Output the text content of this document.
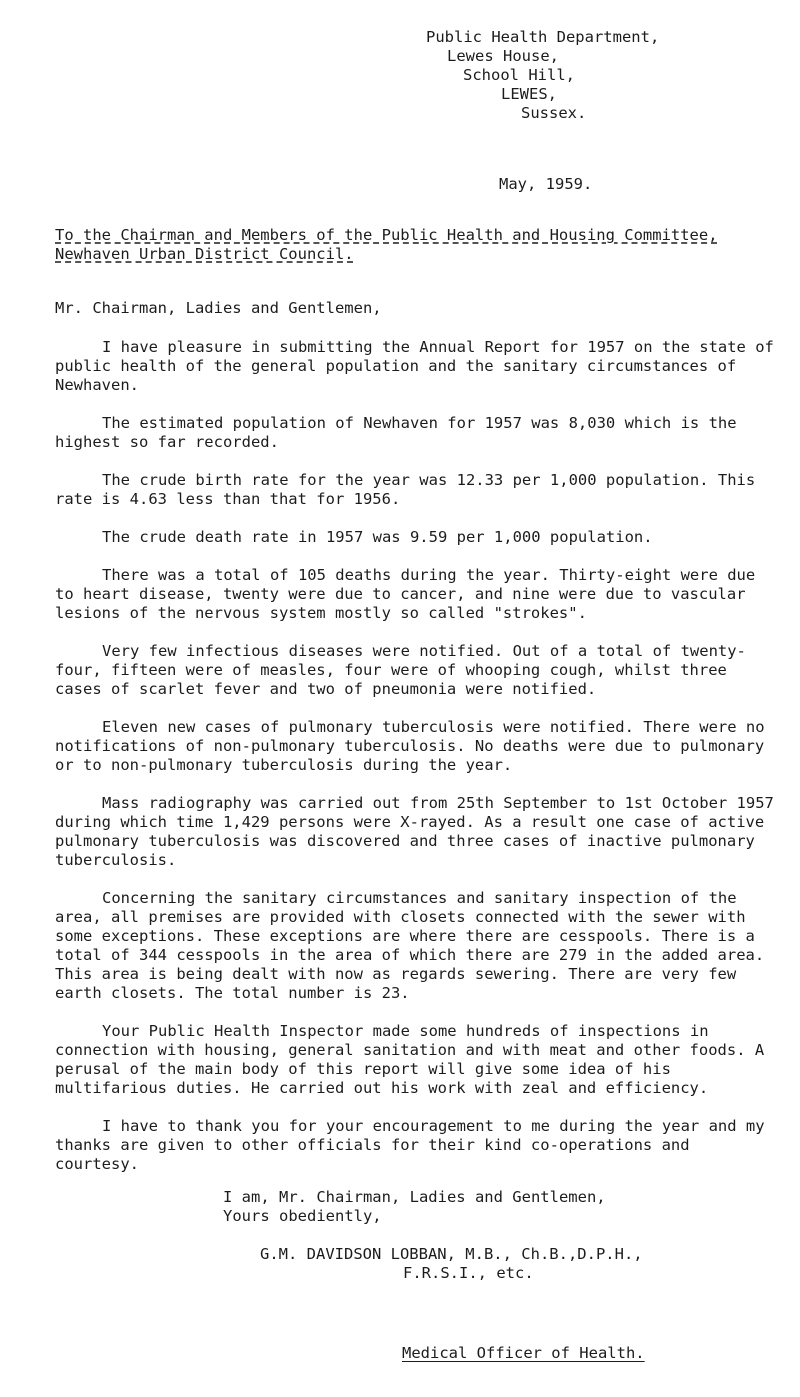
Public Health Department,
Lewes House,
School Hill,
LEWES,
Sussex.
May, 1959.
To the Chairman and Members of the Public Health and Housing Committee,
Newhaven Urban District Council.
Mr. Chairman, Ladies and Gentlemen,

I have pleasure in submitting the Annual Report for 1957 on the state of public health of the general population and the sanitary circumstances of Newhaven.

The estimated population of Newhaven for 1957 was 8,030 which is the highest so far recorded.

The crude birth rate for the year was 12.33 per 1,000 population. This rate is 4.63 less than that for 1956.

The crude death rate in 1957 was 9.59 per 1,000 population.

There was a total of 105 deaths during the year. Thirty-eight were due to heart disease, twenty were due to cancer, and nine were due to vascular lesions of the nervous system mostly so called "strokes".

Very few infectious diseases were notified. Out of a total of twenty-four, fifteen were of measles, four were of whooping cough, whilst three cases of scarlet fever and two of pneumonia were notified.

Eleven new cases of pulmonary tuberculosis were notified. There were no notifications of non-pulmonary tuberculosis. No deaths were due to pulmonary or to non-pulmonary tuberculosis during the year.

Mass radiography was carried out from 25th September to 1st October 1957 during which time 1,429 persons were X-rayed. As a result one case of active pulmonary tuberculosis was discovered and three cases of inactive pulmonary tuberculosis.

Concerning the sanitary circumstances and sanitary inspection of the area, all premises are provided with closets connected with the sewer with some exceptions. These exceptions are where there are cesspools. There is a total of 344 cesspools in the area of which there are 279 in the added area. This area is being dealt with now as regards sewering. There are very few earth closets. The total number is 23.

Your Public Health Inspector made some hundreds of inspections in connection with housing, general sanitation and with meat and other foods. A perusal of the main body of this report will give some idea of his multifarious duties. He carried out his work with zeal and efficiency.

I have to thank you for your encouragement to me during the year and my thanks are given to other officials for their kind co-operations and courtesy.

I am, Mr. Chairman, Ladies and Gentlemen,
Yours obediently,
G.M. DAVIDSON LOBBAN, M.B., Ch.B.,D.P.H.,
F.R.S.I., etc.
Medical Officer of Health.
